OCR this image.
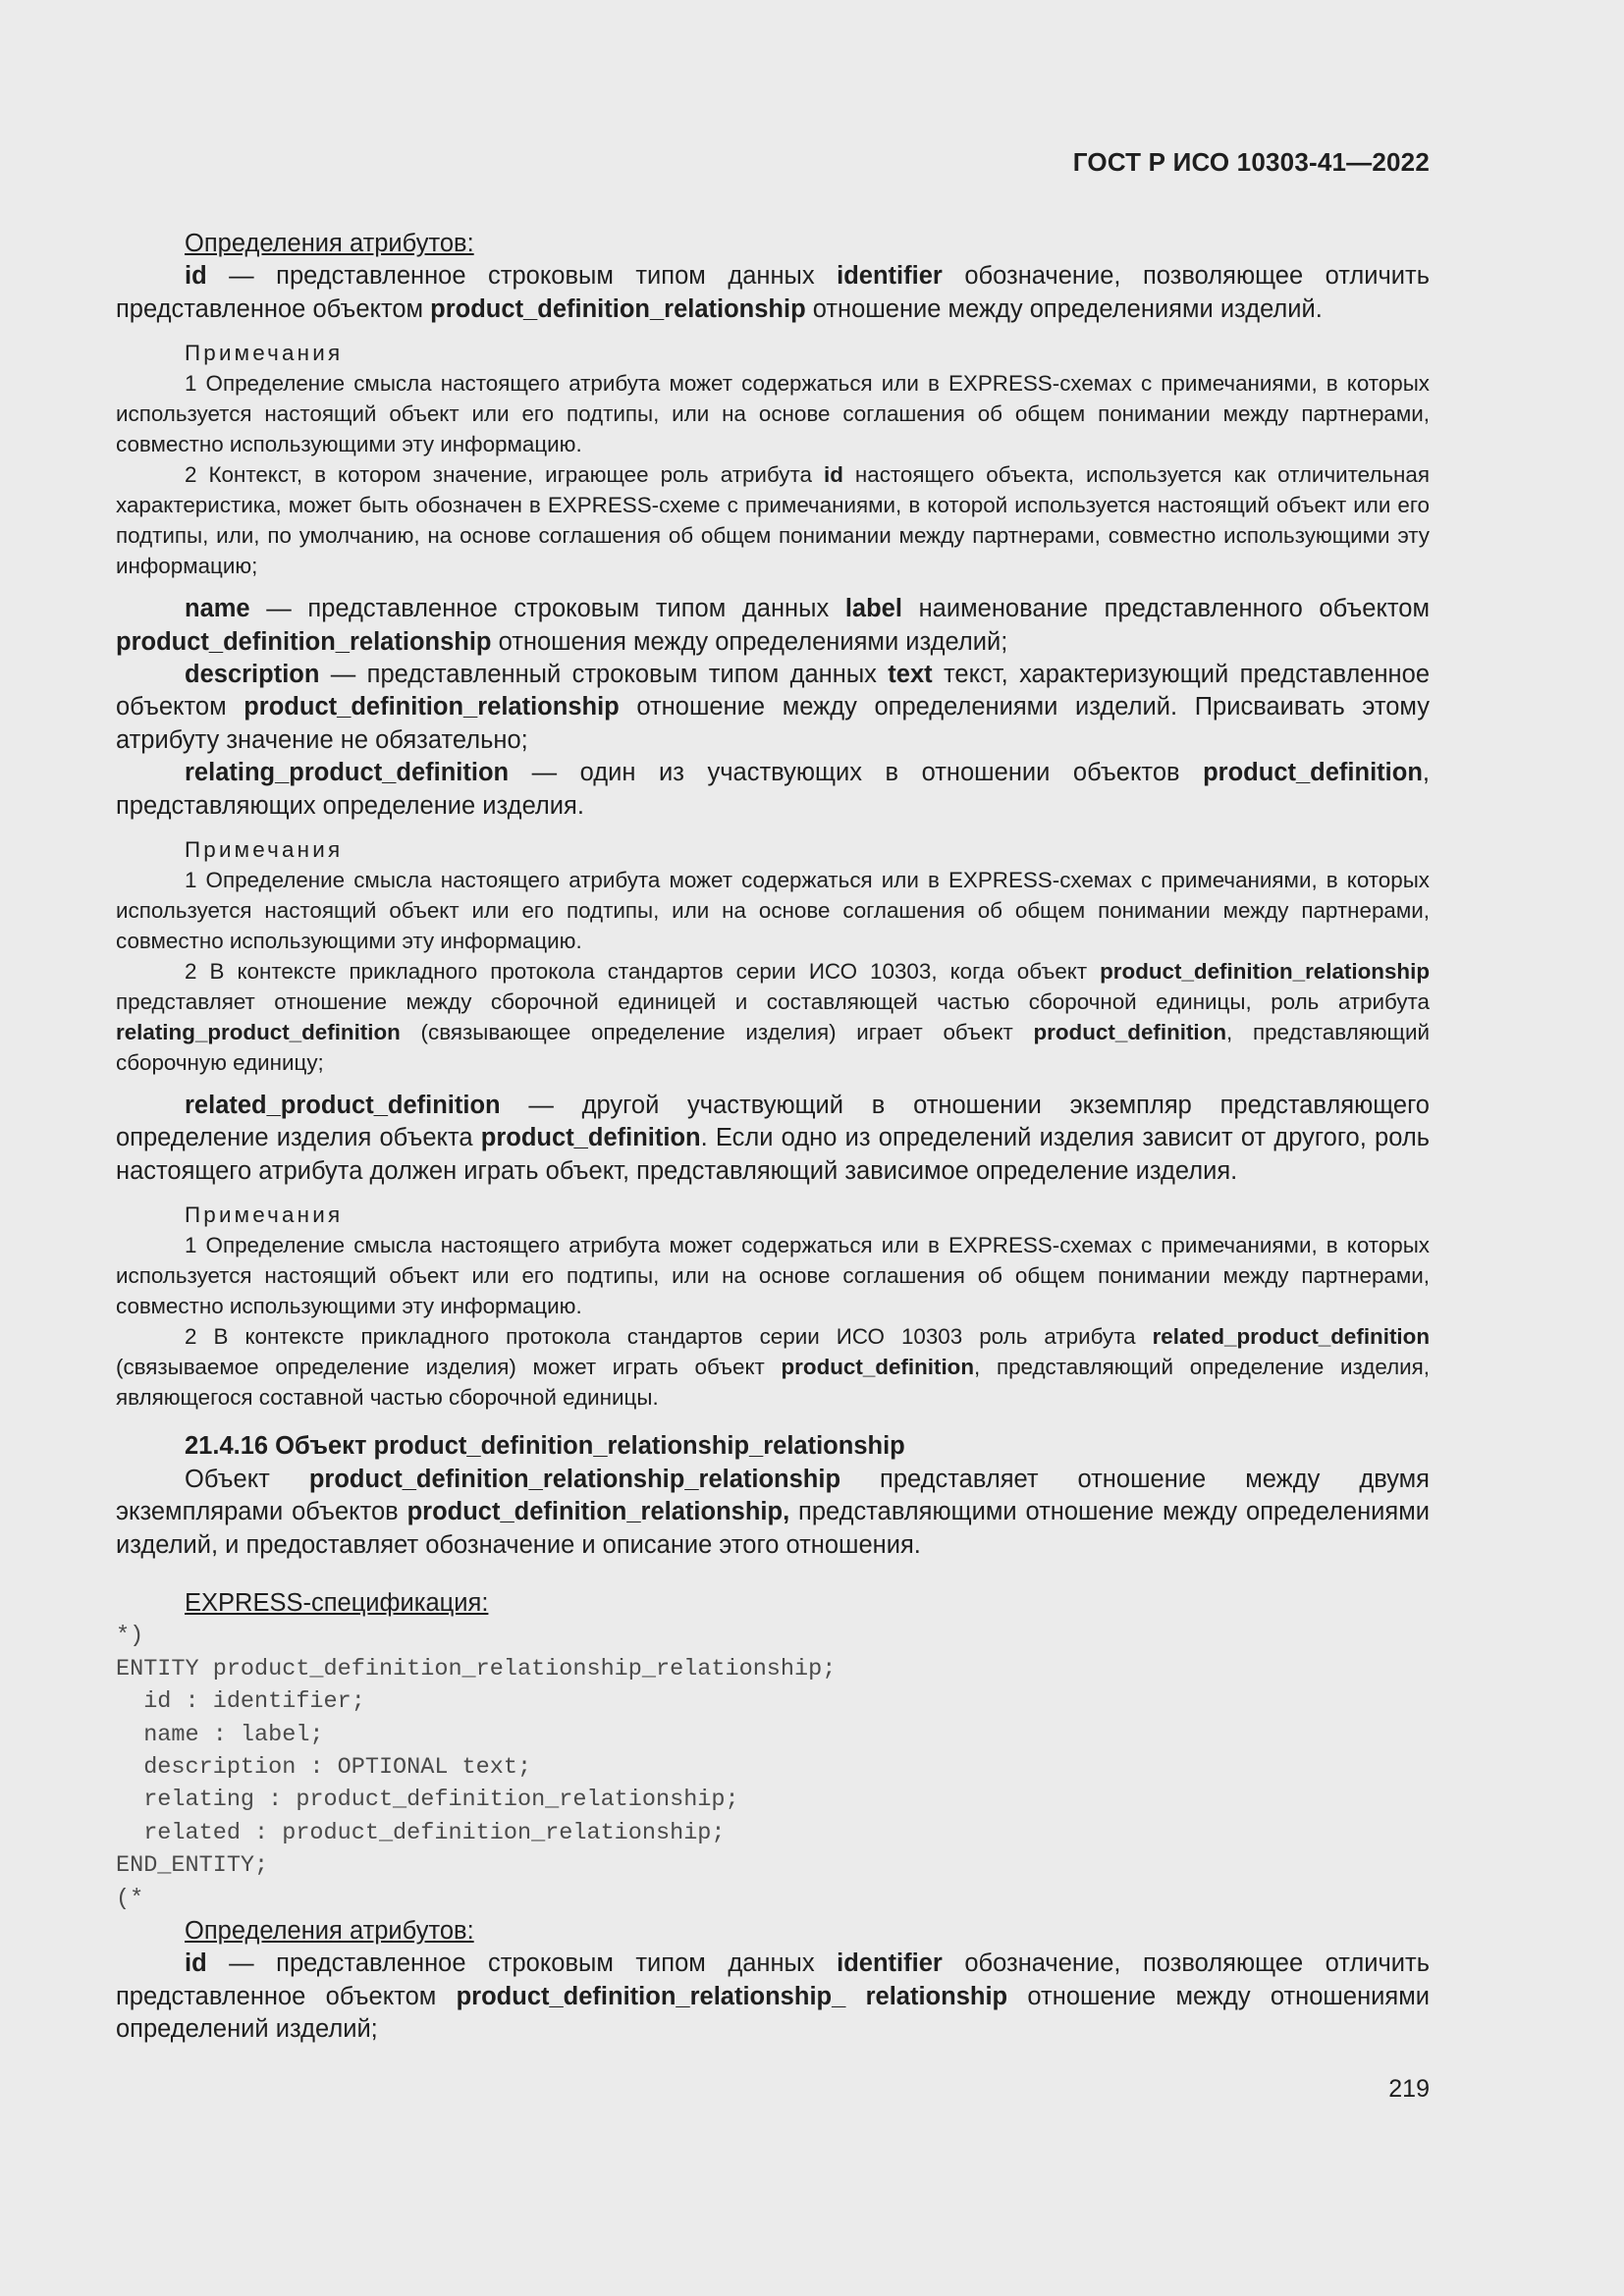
ГОСТ Р ИСО 10303-41—2022

Определения атрибутов:

id — представленное строковым типом данных identifier обозначение, позволяющее отличить представленное объектом product_definition_relationship отношение между определениями изделий.

Примечания

1 Определение смысла настоящего атрибута может содержаться или в EXPRESS-схемах с примечаниями, в которых используется настоящий объект или его подтипы, или на основе соглашения об общем понимании между партнерами, совместно использующими эту информацию.

2 Контекст, в котором значение, играющее роль атрибута id настоящего объекта, используется как отличительная характеристика, может быть обозначен в EXPRESS-схеме с примечаниями, в которой используется настоящий объект или его подтипы, или, по умолчанию, на основе соглашения об общем понимании между партнерами, совместно использующими эту информацию;

name — представленное строковым типом данных label наименование представленного объектом product_definition_relationship отношения между определениями изделий;

description — представленный строковым типом данных text текст, характеризующий представленное объектом product_definition_relationship отношение между определениями изделий. Присваивать этому атрибуту значение не обязательно;

relating_product_definition — один из участвующих в отношении объектов product_definition, представляющих определение изделия.

Примечания

1 Определение смысла настоящего атрибута может содержаться или в EXPRESS-схемах с примечаниями, в которых используется настоящий объект или его подтипы, или на основе соглашения об общем понимании между партнерами, совместно использующими эту информацию.

2 В контексте прикладного протокола стандартов серии ИСО 10303, когда объект product_definition_relationship представляет отношение между сборочной единицей и составляющей частью сборочной единицы, роль атрибута relating_product_definition (связывающее определение изделия) играет объект product_definition, представляющий сборочную единицу;

related_product_definition — другой участвующий в отношении экземпляр представляющего определение изделия объекта product_definition. Если одно из определений изделия зависит от другого, роль настоящего атрибута должен играть объект, представляющий зависимое определение изделия.

Примечания

1 Определение смысла настоящего атрибута может содержаться или в EXPRESS-схемах с примечаниями, в которых используется настоящий объект или его подтипы, или на основе соглашения об общем понимании между партнерами, совместно использующими эту информацию.

2 В контексте прикладного протокола стандартов серии ИСО 10303 роль атрибута related_product_definition (связываемое определение изделия) может играть объект product_definition, представляющий определение изделия, являющегося составной частью сборочной единицы.

21.4.16 Объект product_definition_relationship_relationship

Объект product_definition_relationship_relationship представляет отношение между двумя экземплярами объектов product_definition_relationship, представляющими отношение между определениями изделий, и предоставляет обозначение и описание этого отношения.

EXPRESS-спецификация:

*)
ENTITY product_definition_relationship_relationship;
id : identifier;
name : label;
description : OPTIONAL text;
relating : product_definition_relationship;
related : product_definition_relationship;
END_ENTITY;
(*

Определения атрибутов:

id — представленное строковым типом данных identifier обозначение, позволяющее отличить представленное объектом product_definition_relationship_ relationship отношение между отношениями определений изделий;

219
